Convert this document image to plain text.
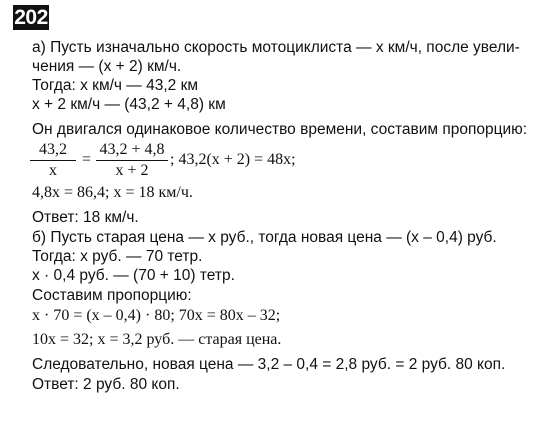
202
а) Пусть изначально скорость мотоциклиста — x км/ч, после увели-
чения — (x + 2) км/ч.
Тогда: x км/ч — 43,2 км
x + 2 км/ч — (43,2 + 4,8) км
Он двигался одинаковое количество времени, составим пропорцию:
$\frac{43,2}{x} = \frac{43,2 + 4,8}{x + 2}$ ; 43,2(x + 2) = 48x;
4,8x = 86,4; x = 18 км/ч.
Ответ: 18 км/ч.
б) Пусть старая цена — x руб., тогда новая цена — (x – 0,4) руб.
Тогда: x руб. — 70 тетр.
x · 0,4 руб. — (70 + 10) тетр.
Составим пропорцию:
x · 70 = (x – 0,4) · 80; 70x = 80x – 32;
10x = 32; x = 3,2 руб. — старая цена.
Следовательно, новая цена — 3,2 – 0,4 = 2,8 руб. = 2 руб. 80 коп.
Ответ: 2 руб. 80 коп.
